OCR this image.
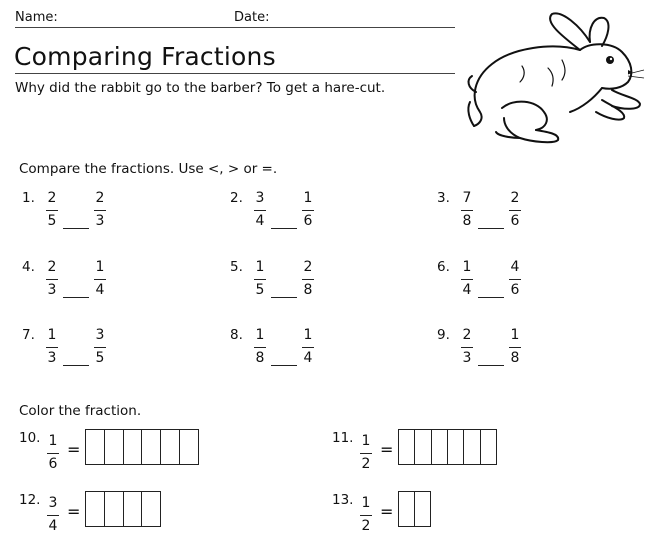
Name:	Date:
Comparing Fractions
Why did the rabbit go to the barber? To get a hare-cut.
Compare the fractions. Use <, > or =.
1. 2
5
2
3
2. 3
4
1
6
3. 7
8
2
6
4. 2
3
1
4
5. 1
5
2
8
6. 1
4
4
6
7. 1
3
3
5
8. 1
8
1
4
9. 2
3
1
8
Color the fraction.
10. 1
6
=
11. 1
2
=
12. 3
4
=
13. 1
2
=
